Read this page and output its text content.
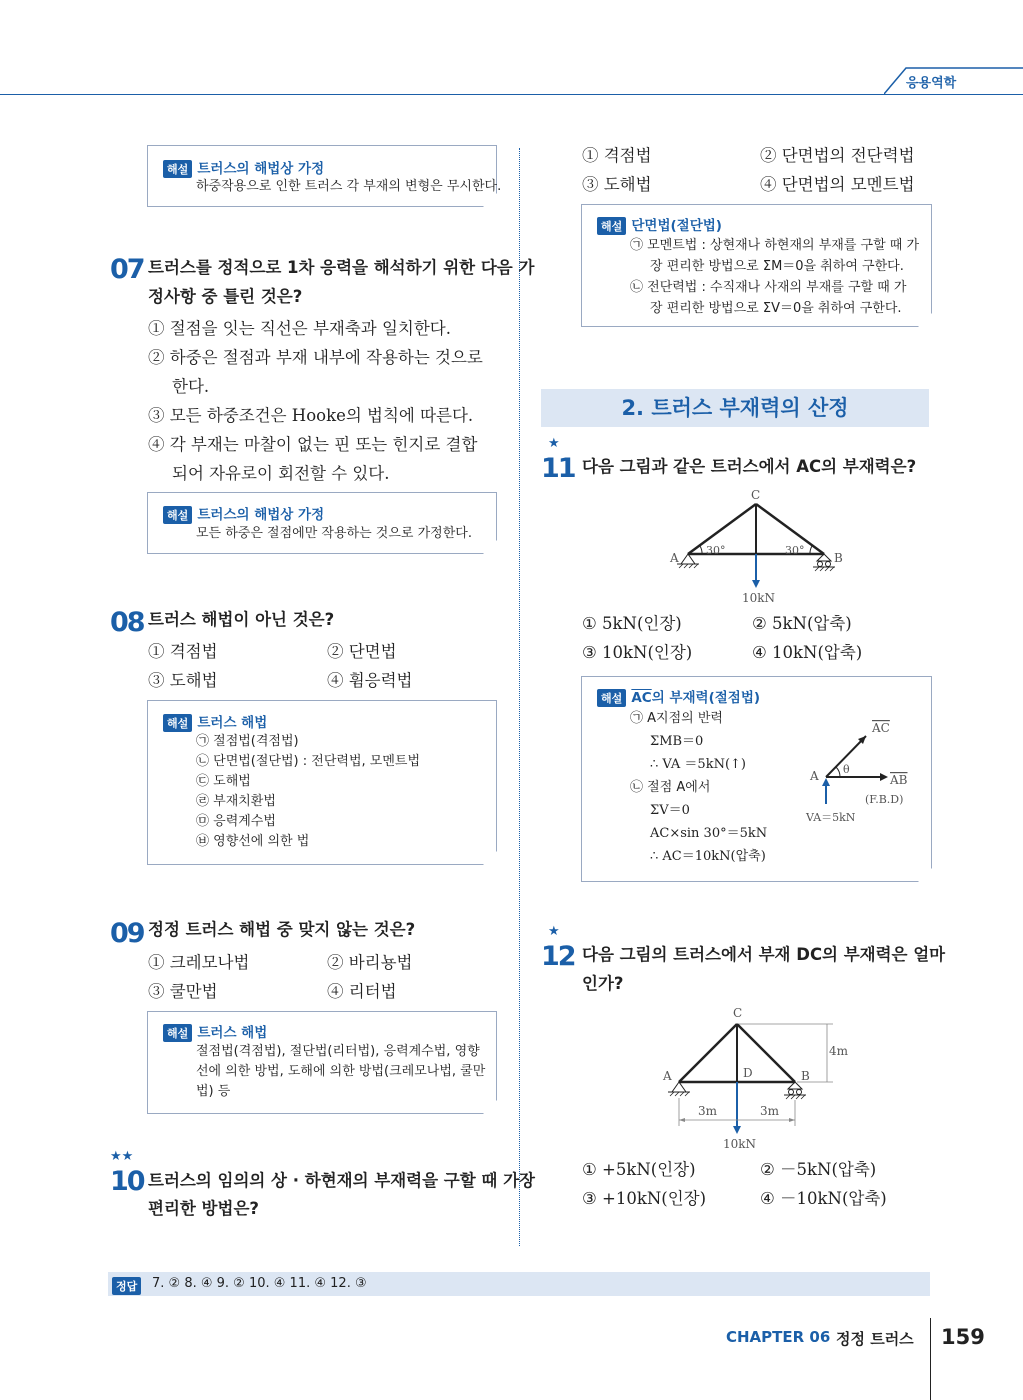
응용역학
해설 트러스의 해법상 가정
하중작용으로 인한 트러스 각 부재의 변형은 무시한다.
07 트러스를 정적으로 1차 응력을 해석하기 위한 다음 가
정사항 중 틀린 것은?
① 절점을 잇는 직선은 부재축과 일치한다.
② 하중은 절점과 부재 내부에 작용하는 것으로
한다.
③ 모든 하중조건은 Hooke의 법칙에 따른다.
④ 각 부재는 마찰이 없는 핀 또는 힌지로 결합
되어 자유로이 회전할 수 있다.
해설 트러스의 해법상 가정
모든 하중은 절점에만 작용하는 것으로 가정한다.
08 트러스 해법이 아닌 것은?
① 격점법	② 단면법
③ 도해법	④ 휨응력법
해설 트러스 해법
㉠ 절점법(격점법)
㉡ 단면법(절단법) : 전단력법, 모멘트법
㉢ 도해법
㉣ 부재치환법
㉤ 응력계수법
㉥ 영향선에 의한 법
09 정정 트러스 해법 중 맞지 않는 것은?
① 크레모나법	② 바리뇽법
③ 쿨만법	④ 리터법
해설 트러스 해법
절점법(격점법), 절단법(리터법), 응력계수법, 영향
선에 의한 방법, 도해에 의한 방법(크레모나법, 쿨만
법) 등
★★
10 트러스의 임의의 상 · 하현재의 부재력을 구할 때 가장
편리한 방법은?
① 격점법	② 단면법의 전단력법
③ 도해법	④ 단면법의 모멘트법
해설 단면법(절단법)
㉠ 모멘트법 : 상현재나 하현재의 부재를 구할 때 가
장 편리한 방법으로 ΣM＝0을 취하여 구한다.
㉡ 전단력법 : 수직재나 사재의 부재를 구할 때 가
장 편리한 방법으로 ΣV＝0을 취하여 구한다.
2. 트러스 부재력의 산정
★
11 다음 그림과 같은 트러스에서 AC의 부재력은?
C
A	B
30°	30°
10kN
① 5kN(인장)	② 5kN(압축)
③ 10kN(인장)	④ 10kN(압축)
해설 $\overline{AC}$의 부재력(절점법)
㉠ A지점의 반력
ΣMB＝0
∴ VA ＝5kN(↑)
㉡ 절점 A에서
ΣV＝0
AC×sin 30°＝5kN
∴ AC＝10kN(압축)
AC
A θ
AB
(F.B.D)
VA＝5kN
★
12 다음 그림의 트러스에서 부재 DC의 부재력은 얼마
인가?
C
A	D	B
4m
3m	3m
10kN
① +5kN(인장)	② －5kN(압축)
③ +10kN(인장)	④ －10kN(압축)
정답	7. ② 8. ④ 9. ② 10. ④ 11. ④ 12. ③
CHAPTER 06 정정 트러스 159
